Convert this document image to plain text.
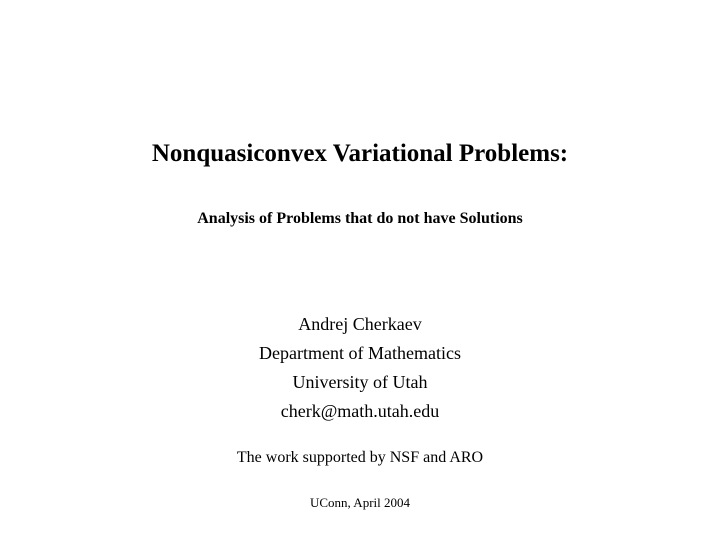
Nonquasiconvex Variational Problems:
Analysis of Problems that do not have Solutions
Andrej Cherkaev
Department of Mathematics
University of Utah
cherk@math.utah.edu
The work supported by NSF and ARO
UConn, April 2004
